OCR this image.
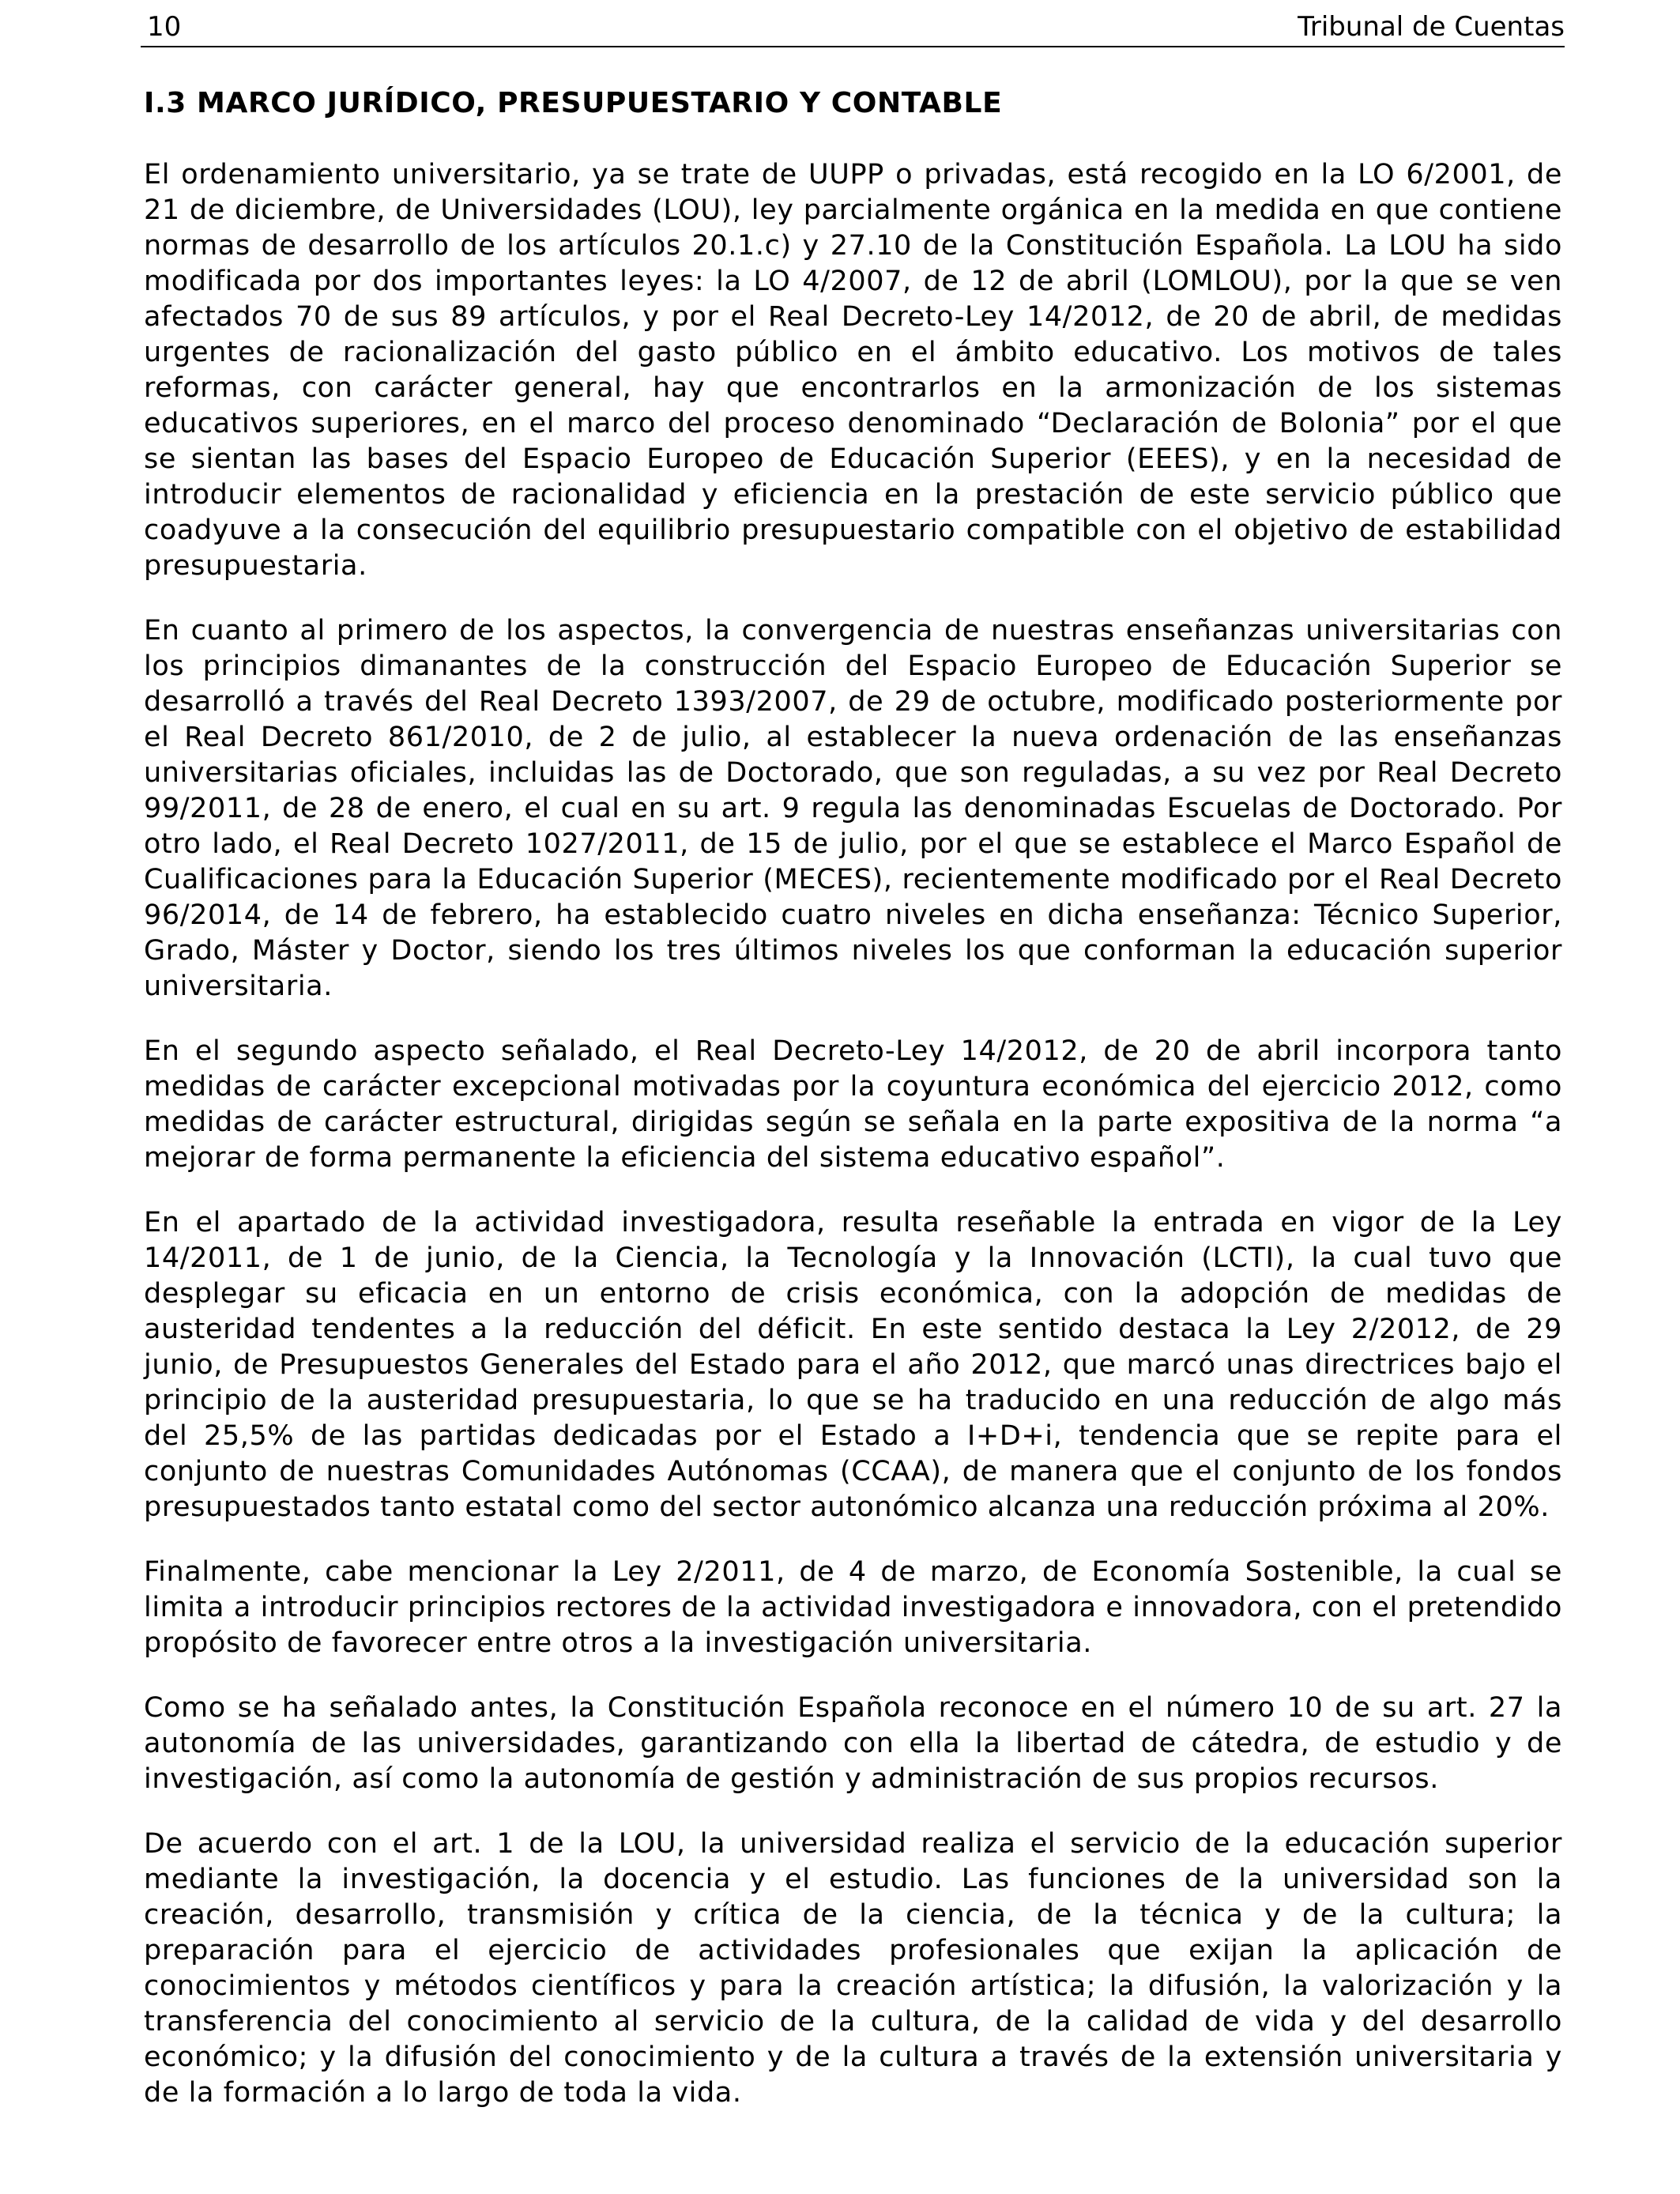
10	Tribunal de Cuentas
I.3 MARCO JURÍDICO, PRESUPUESTARIO Y CONTABLE

El ordenamiento universitario, ya se trate de UUPP o privadas, está recogido en la LO 6/2001, de 21 de diciembre, de Universidades (LOU), ley parcialmente orgánica en la medida en que contiene normas de desarrollo de los artículos 20.1.c) y 27.10 de la Constitución Española. La LOU ha sido modificada por dos importantes leyes: la LO 4/2007, de 12 de abril (LOMLOU), por la que se ven afectados 70 de sus 89 artículos, y por el Real Decreto-Ley 14/2012, de 20 de abril, de medidas urgentes de racionalización del gasto público en el ámbito educativo. Los motivos de tales reformas, con carácter general, hay que encontrarlos en la armonización de los sistemas educativos superiores, en el marco del proceso denominado “Declaración de Bolonia” por el que se sientan las bases del Espacio Europeo de Educación Superior (EEES), y en la necesidad de introducir elementos de racionalidad y eficiencia en la prestación de este servicio público que coadyuve a la consecución del equilibrio presupuestario compatible con el objetivo de estabilidad presupuestaria.

En cuanto al primero de los aspectos, la convergencia de nuestras enseñanzas universitarias con los principios dimanantes de la construcción del Espacio Europeo de Educación Superior se desarrolló a través del Real Decreto 1393/2007, de 29 de octubre, modificado posteriormente por el Real Decreto 861/2010, de 2 de julio, al establecer la nueva ordenación de las enseñanzas universitarias oficiales, incluidas las de Doctorado, que son reguladas, a su vez por Real Decreto 99/2011, de 28 de enero, el cual en su art. 9 regula las denominadas Escuelas de Doctorado. Por otro lado, el Real Decreto 1027/2011, de 15 de julio, por el que se establece el Marco Español de Cualificaciones para la Educación Superior (MECES), recientemente modificado por el Real Decreto 96/2014, de 14 de febrero, ha establecido cuatro niveles en dicha enseñanza: Técnico Superior, Grado, Máster y Doctor, siendo los tres últimos niveles los que conforman la educación superior universitaria.

En el segundo aspecto señalado, el Real Decreto-Ley 14/2012, de 20 de abril incorpora tanto medidas de carácter excepcional motivadas por la coyuntura económica del ejercicio 2012, como medidas de carácter estructural, dirigidas según se señala en la parte expositiva de la norma “a mejorar de forma permanente la eficiencia del sistema educativo español”.

En el apartado de la actividad investigadora, resulta reseñable la entrada en vigor de la Ley 14/2011, de 1 de junio, de la Ciencia, la Tecnología y la Innovación (LCTI), la cual tuvo que desplegar su eficacia en un entorno de crisis económica, con la adopción de medidas de austeridad tendentes a la reducción del déficit. En este sentido destaca la Ley 2/2012, de 29 junio, de Presupuestos Generales del Estado para el año 2012, que marcó unas directrices bajo el principio de la austeridad presupuestaria, lo que se ha traducido en una reducción de algo más del 25,5% de las partidas dedicadas por el Estado a I+D+i, tendencia que se repite para el conjunto de nuestras Comunidades Autónomas (CCAA), de manera que el conjunto de los fondos presupuestados tanto estatal como del sector autonómico alcanza una reducción próxima al 20%.

Finalmente, cabe mencionar la Ley 2/2011, de 4 de marzo, de Economía Sostenible, la cual se limita a introducir principios rectores de la actividad investigadora e innovadora, con el pretendido propósito de favorecer entre otros a la investigación universitaria.

Como se ha señalado antes, la Constitución Española reconoce en el número 10 de su art. 27 la autonomía de las universidades, garantizando con ella la libertad de cátedra, de estudio y de investigación, así como la autonomía de gestión y administración de sus propios recursos.

De acuerdo con el art. 1 de la LOU, la universidad realiza el servicio de la educación superior mediante la investigación, la docencia y el estudio. Las funciones de la universidad son la creación, desarrollo, transmisión y crítica de la ciencia, de la técnica y de la cultura; la preparación para el ejercicio de actividades profesionales que exijan la aplicación de conocimientos y métodos científicos y para la creación artística; la difusión, la valorización y la transferencia del conocimiento al servicio de la cultura, de la calidad de vida y del desarrollo económico; y la difusión del conocimiento y de la cultura a través de la extensión universitaria y de la formación a lo largo de toda la vida.
